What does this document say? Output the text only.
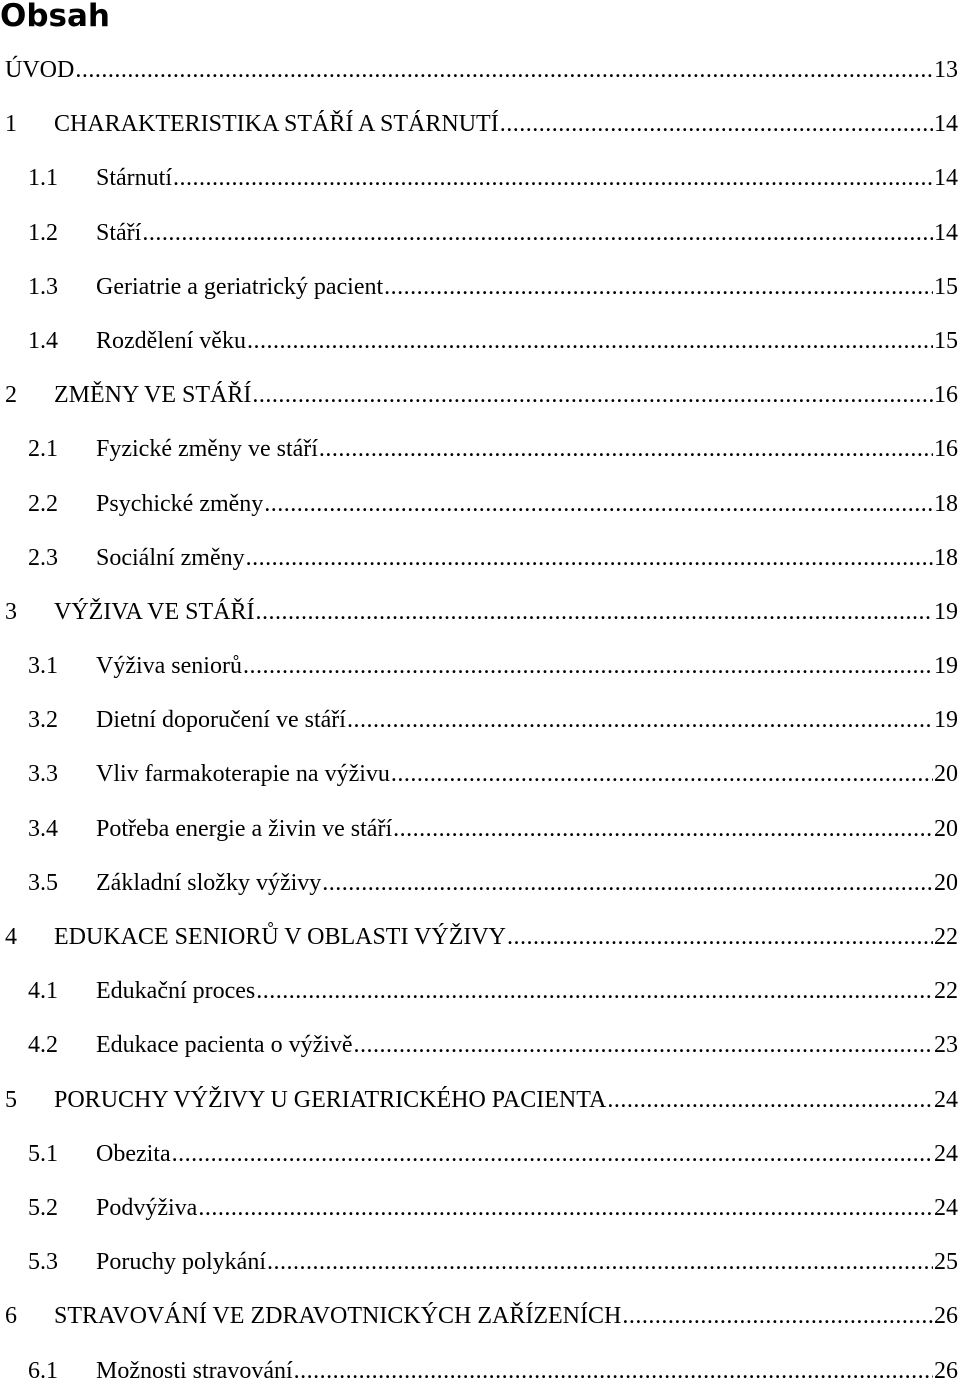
Obsah
ÚVOD .....	13
1	CHARAKTERISTIKA STÁŘÍ A STÁRNUTÍ .....	14
1.1	Stárnutí .....	14
1.2	Stáří .....	14
1.3	Geriatrie a geriatrický pacient .....	15
1.4	Rozdělení věku .....	15
2	ZMĚNY VE STÁŘÍ .....	16
2.1	Fyzické změny ve stáří .....	16
2.2	Psychické změny .....	18
2.3	Sociální změny .....	18
3	VÝŽIVA VE STÁŘÍ .....	19
3.1	Výživa seniorů .....	19
3.2	Dietní doporučení ve stáří .....	19
3.3	Vliv farmakoterapie na výživu .....	20
3.4	Potřeba energie a živin ve stáří .....	20
3.5	Základní složky výživy .....	20
4	EDUKACE SENIORŮ V OBLASTI VÝŽIVY .....	22
4.1	Edukační proces .....	22
4.2	Edukace pacienta o výživě .....	23
5	PORUCHY VÝŽIVY U GERIATRICKÉHO PACIENTA .....	24
5.1	Obezita .....	24
5.2	Podvýživa .....	24
5.3	Poruchy polykání .....	25
6	STRAVOVÁNÍ VE ZDRAVOTNICKÝCH ZAŘÍZENÍCH .....	26
6.1	Možnosti stravování .....	26
